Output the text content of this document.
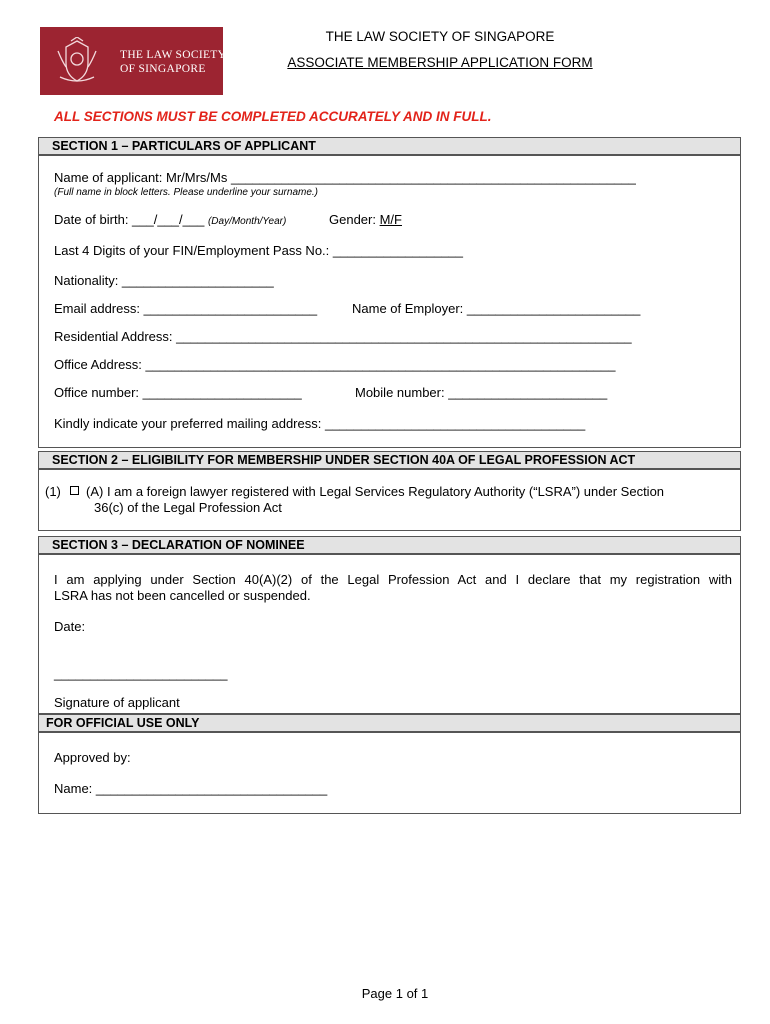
THE LAW SOCIETY
OF SINGAPORE
THE LAW SOCIETY OF SINGAPORE
ASSOCIATE MEMBERSHIP APPLICATION FORM
ALL SECTIONS MUST BE COMPLETED ACCURATELY AND IN FULL.
SECTION 1 – PARTICULARS OF APPLICANT
Name of applicant: Mr/Mrs/Ms ________________________________________________________
(Full name in block letters. Please underline your surname.)
Date of birth: ___/___/___ (Day/Month/Year)	Gender: M/F
Last 4 Digits of your FIN/Employment Pass No.: __________________
Nationality: _____________________
Email address: ________________________	Name of Employer: ________________________
Residential Address: _______________________________________________________________
Office Address: _________________________________________________________________
Office number: ______________________	Mobile number: ______________________
Kindly indicate your preferred mailing address: ____________________________________
SECTION 2 – ELIGIBILITY FOR MEMBERSHIP UNDER SECTION 40A OF LEGAL PROFESSION ACT
(1) (A) I am a foreign lawyer registered with Legal Services Regulatory Authority (“LSRA”) under Section
36(c) of the Legal Profession Act
SECTION 3 – DECLARATION OF NOMINEE
I am applying under Section 40(A)(2) of the Legal Profession Act and I declare that my registration with
LSRA has not been cancelled or suspended.
Date:
________________________
Signature of applicant
FOR OFFICIAL USE ONLY
Approved by:
Name: ________________________________
Page 1 of 1
